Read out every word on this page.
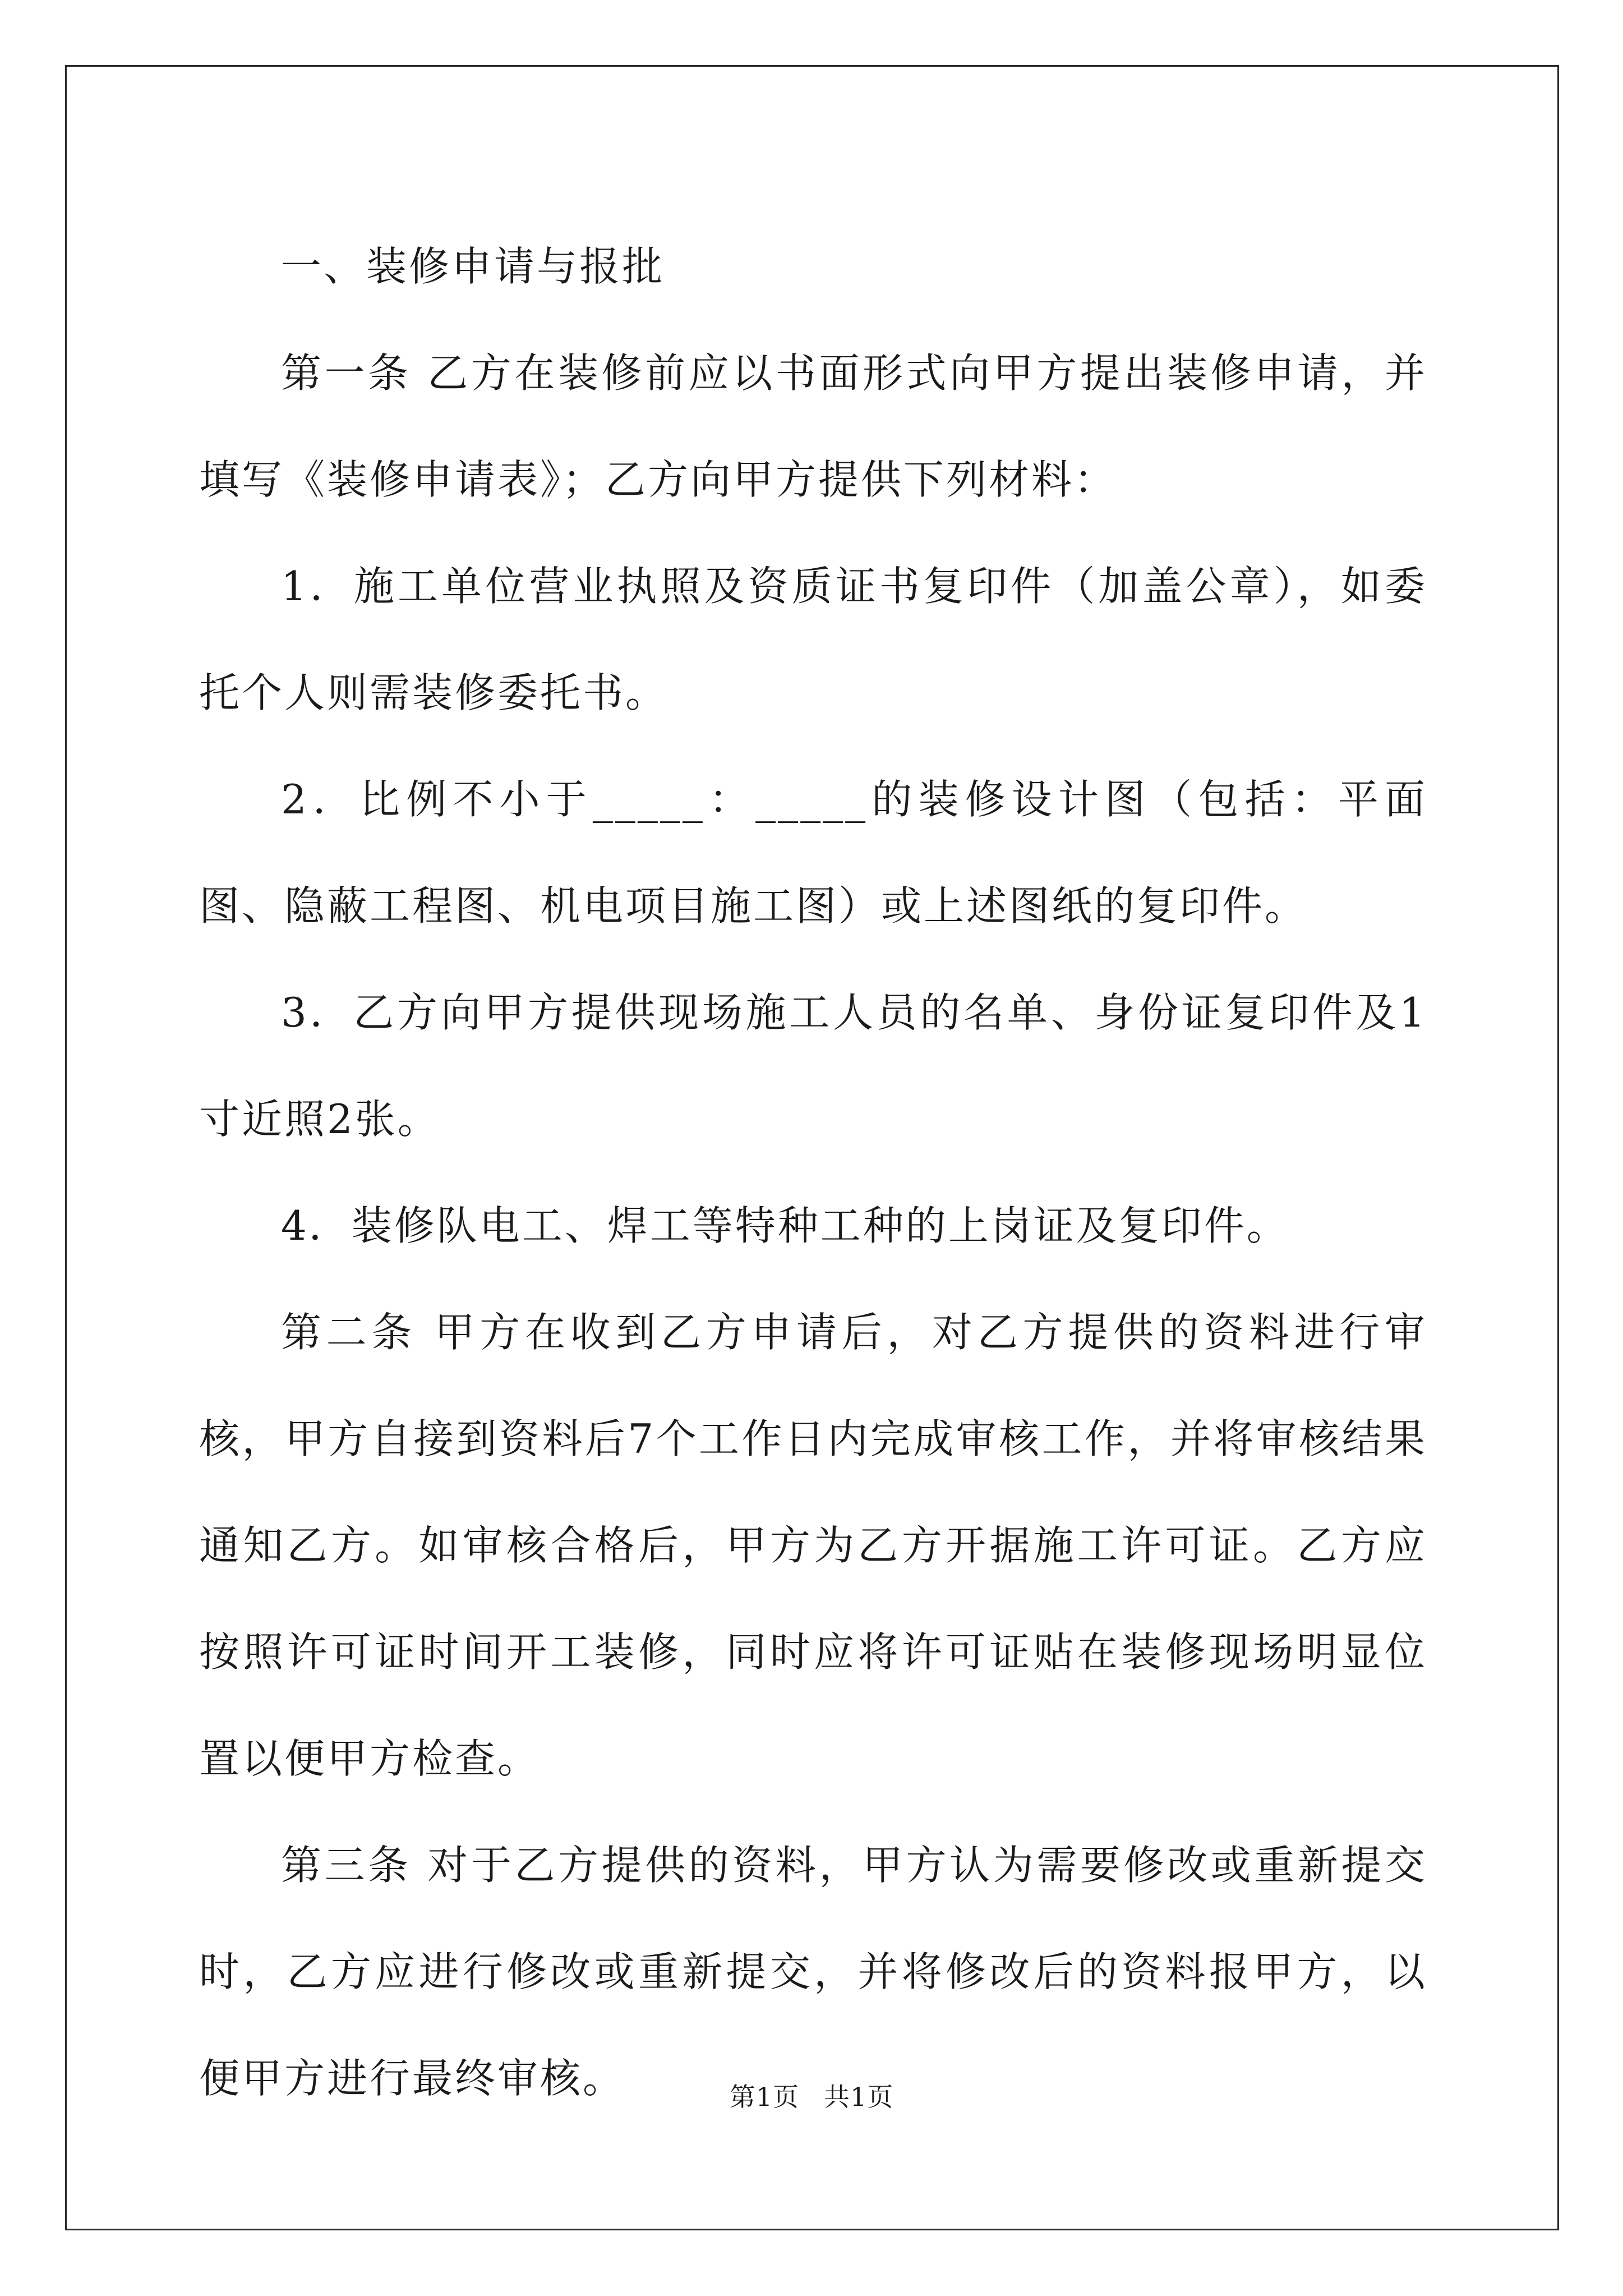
一、装修申请与报批

第一条 乙方在装修前应以书面形式向甲方提出装修申请，并填写《装修申请表》；乙方向甲方提供下列材料：

1．施工单位营业执照及资质证书复印件（加盖公章），如委托个人则需装修委托书。

2．比例不小于_____：_____的装修设计图（包括：平面图、隐蔽工程图、机电项目施工图）或上述图纸的复印件。

3．乙方向甲方提供现场施工人员的名单、身份证复印件及1寸近照2张。

4．装修队电工、焊工等特种工种的上岗证及复印件。

第二条 甲方在收到乙方申请后，对乙方提供的资料进行审核，甲方自接到资料后7个工作日内完成审核工作，并将审核结果通知乙方。如审核合格后，甲方为乙方开据施工许可证。乙方应按照许可证时间开工装修，同时应将许可证贴在装修现场明显位置以便甲方检查。

第三条 对于乙方提供的资料，甲方认为需要修改或重新提交时，乙方应进行修改或重新提交，并将修改后的资料报甲方，以便甲方进行最终审核。	第1页 共1页
